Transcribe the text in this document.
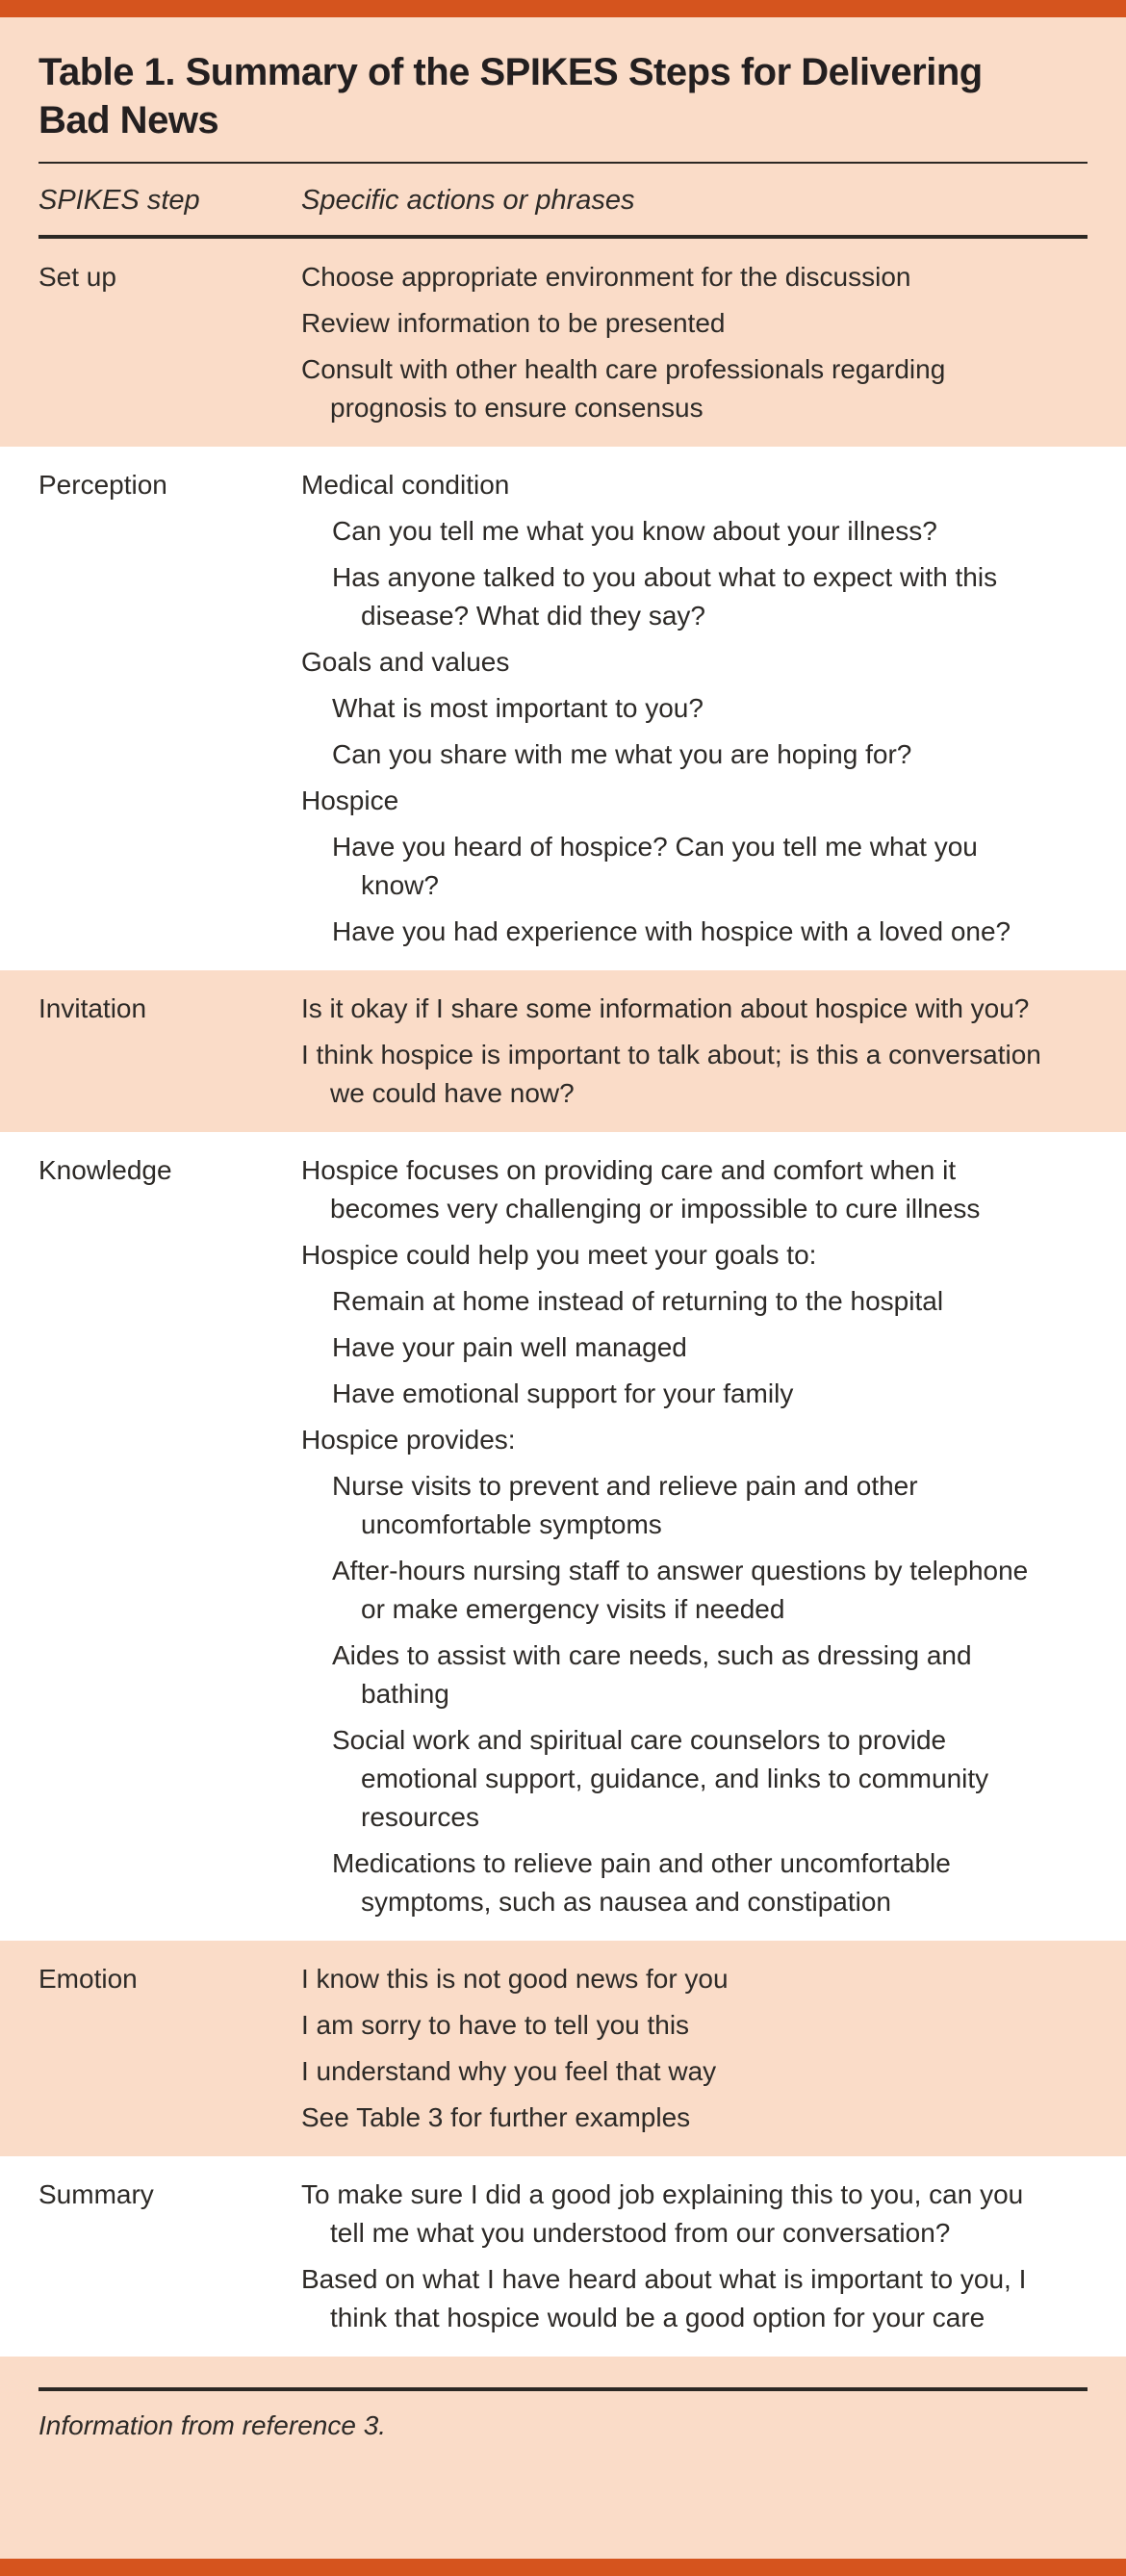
Table 1. Summary of the SPIKES Steps for Delivering Bad News
SPIKES step	Specific actions or phrases
Set up	Choose appropriate environment for the discussion
Review information to be presented
Consult with other health care professionals regarding prognosis to ensure consensus
Perception	Medical condition
Can you tell me what you know about your illness?
Has anyone talked to you about what to expect with this disease? What did they say?
Goals and values
What is most important to you?
Can you share with me what you are hoping for?
Hospice
Have you heard of hospice? Can you tell me what you know?
Have you had experience with hospice with a loved one?
Invitation	Is it okay if I share some information about hospice with you?
I think hospice is important to talk about; is this a conversation we could have now?
Knowledge	Hospice focuses on providing care and comfort when it becomes very challenging or impossible to cure illness
Hospice could help you meet your goals to:
Remain at home instead of returning to the hospital
Have your pain well managed
Have emotional support for your family
Hospice provides:
Nurse visits to prevent and relieve pain and other uncomfortable symptoms
After-hours nursing staff to answer questions by telephone or make emergency visits if needed
Aides to assist with care needs, such as dressing and bathing
Social work and spiritual care counselors to provide emotional support, guidance, and links to community resources
Medications to relieve pain and other uncomfortable symptoms, such as nausea and constipation
Emotion	I know this is not good news for you
I am sorry to have to tell you this
I understand why you feel that way
See Table 3 for further examples
Summary	To make sure I did a good job explaining this to you, can you tell me what you understood from our conversation?
Based on what I have heard about what is important to you, I think that hospice would be a good option for your care
Information from reference 3.
